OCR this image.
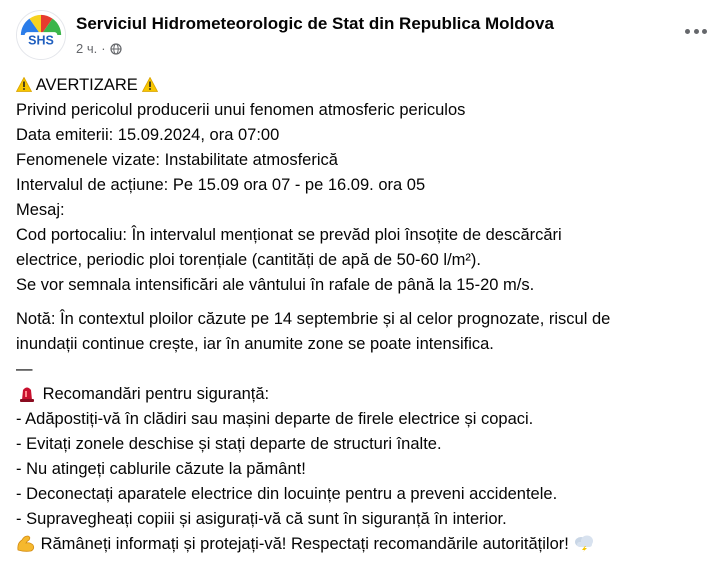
SHS
Serviciul Hidrometeorologic de Stat din Republica Moldova
2 ч. ·
AVERTIZARE
Privind pericolul producerii unui fenomen atmosferic periculos
Data emiterii: 15.09.2024, ora 07:00
Fenomenele vizate: Instabilitate atmosferică
Intervalul de acțiune: Pe 15.09 ora 07 - pe 16.09. ora 05
Mesaj:
Cod portocaliu: În intervalul menționat se prevăd ploi însoțite de descărcări
electrice, periodic ploi torențiale (cantități de apă de 50-60 l/m²).
Se vor semnala intensificări ale vântului în rafale de până la 15-20 m/s.
Notă: În contextul ploilor căzute pe 14 septembrie și al celor prognozate, riscul de
inundații continue crește, iar în anumite zone se poate intensifica.
—
Recomandări pentru siguranță:
- Adăpostiți-vă în clădiri sau mașini departe de firele electrice și copaci.
- Evitați zonele deschise și stați departe de structuri înalte.
- Nu atingeți cablurile căzute la pământ!
- Deconectați aparatele electrice din locuințe pentru a preveni accidentele.
- Supravegheați copiii și asigurați-vă că sunt în siguranță în interior.
Rămâneți informați și protejați-vă! Respectați recomandările autorităților!
